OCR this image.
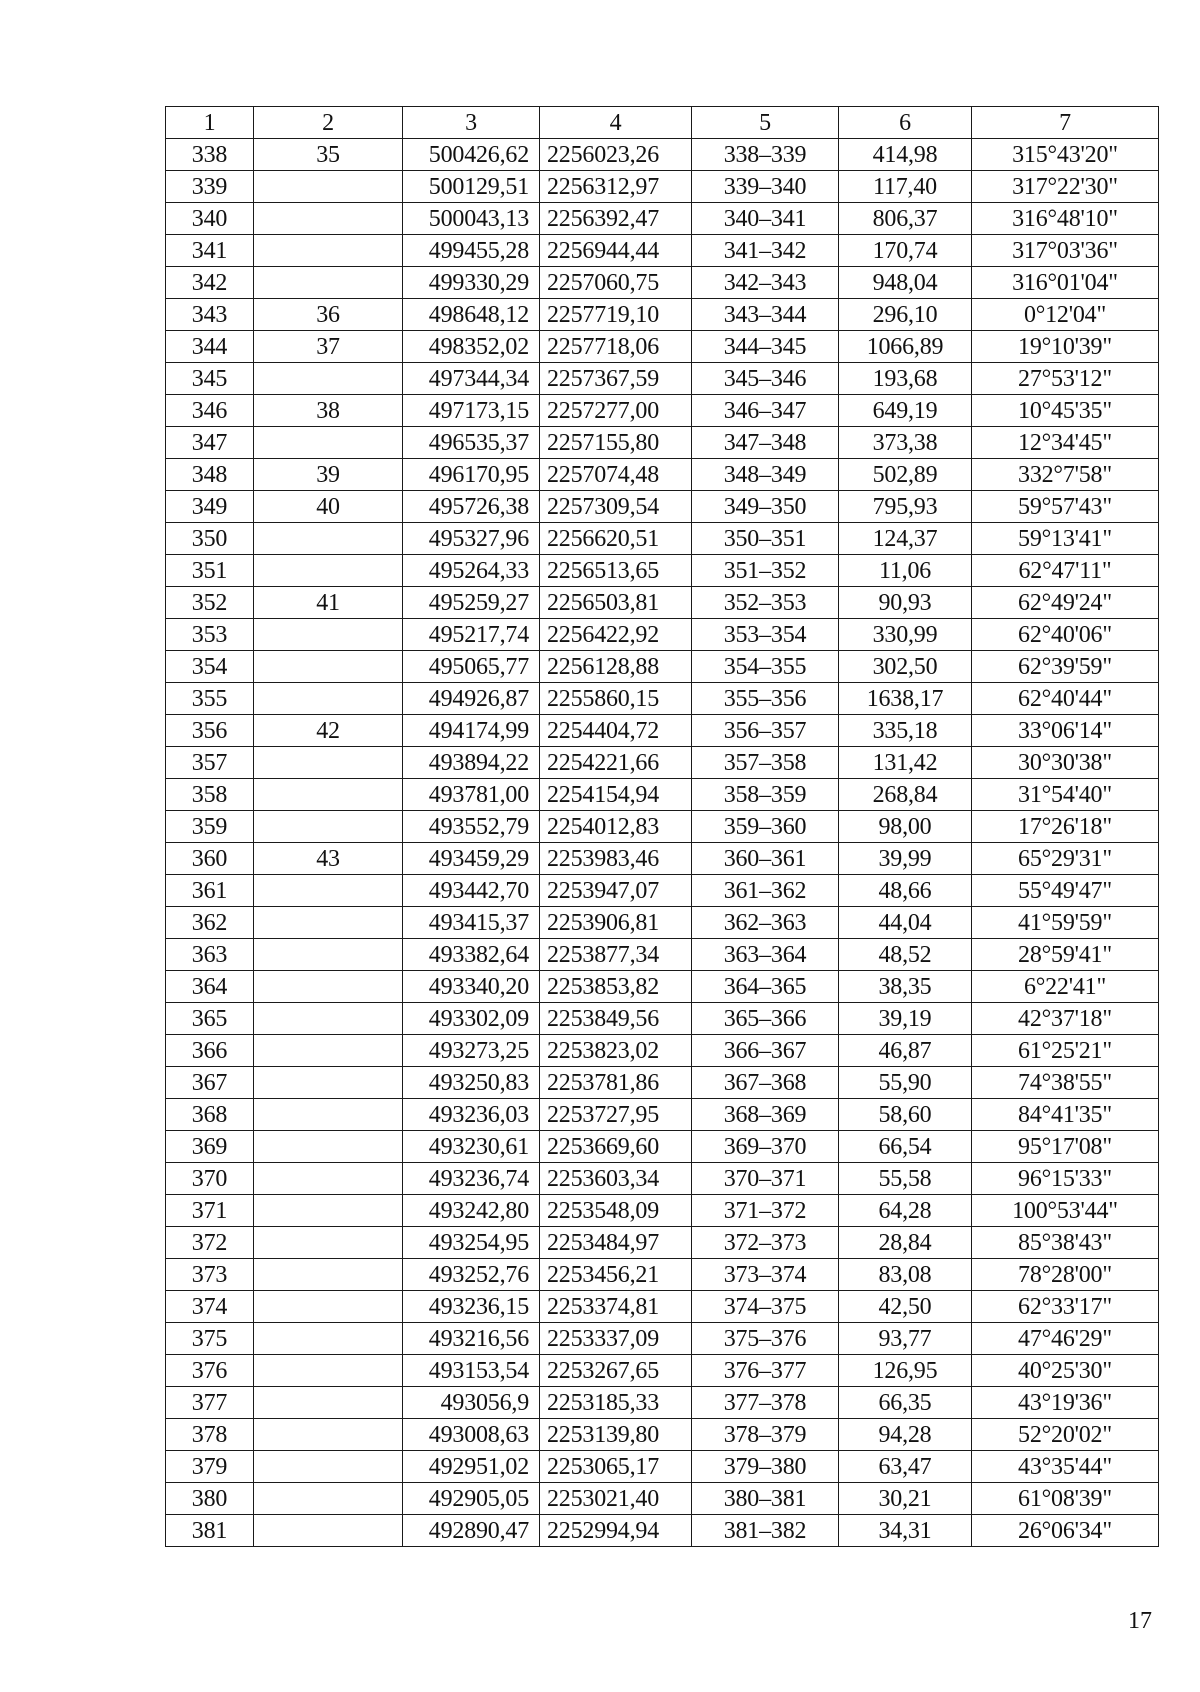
1	2	3	4	5	6	7
338	35	500426,62	2256023,26	338–339	414,98	315°43'20"
339		500129,51	2256312,97	339–340	117,40	317°22'30"
340		500043,13	2256392,47	340–341	806,37	316°48'10"
341		499455,28	2256944,44	341–342	170,74	317°03'36"
342		499330,29	2257060,75	342–343	948,04	316°01'04"
343	36	498648,12	2257719,10	343–344	296,10	0°12'04"
344	37	498352,02	2257718,06	344–345	1066,89	19°10'39"
345		497344,34	2257367,59	345–346	193,68	27°53'12"
346	38	497173,15	2257277,00	346–347	649,19	10°45'35"
347		496535,37	2257155,80	347–348	373,38	12°34'45"
348	39	496170,95	2257074,48	348–349	502,89	332°7'58"
349	40	495726,38	2257309,54	349–350	795,93	59°57'43"
350		495327,96	2256620,51	350–351	124,37	59°13'41"
351		495264,33	2256513,65	351–352	11,06	62°47'11"
352	41	495259,27	2256503,81	352–353	90,93	62°49'24"
353		495217,74	2256422,92	353–354	330,99	62°40'06"
354		495065,77	2256128,88	354–355	302,50	62°39'59"
355		494926,87	2255860,15	355–356	1638,17	62°40'44"
356	42	494174,99	2254404,72	356–357	335,18	33°06'14"
357		493894,22	2254221,66	357–358	131,42	30°30'38"
358		493781,00	2254154,94	358–359	268,84	31°54'40"
359		493552,79	2254012,83	359–360	98,00	17°26'18"
360	43	493459,29	2253983,46	360–361	39,99	65°29'31"
361		493442,70	2253947,07	361–362	48,66	55°49'47"
362		493415,37	2253906,81	362–363	44,04	41°59'59"
363		493382,64	2253877,34	363–364	48,52	28°59'41"
364		493340,20	2253853,82	364–365	38,35	6°22'41"
365		493302,09	2253849,56	365–366	39,19	42°37'18"
366		493273,25	2253823,02	366–367	46,87	61°25'21"
367		493250,83	2253781,86	367–368	55,90	74°38'55"
368		493236,03	2253727,95	368–369	58,60	84°41'35"
369		493230,61	2253669,60	369–370	66,54	95°17'08"
370		493236,74	2253603,34	370–371	55,58	96°15'33"
371		493242,80	2253548,09	371–372	64,28	100°53'44"
372		493254,95	2253484,97	372–373	28,84	85°38'43"
373		493252,76	2253456,21	373–374	83,08	78°28'00"
374		493236,15	2253374,81	374–375	42,50	62°33'17"
375		493216,56	2253337,09	375–376	93,77	47°46'29"
376		493153,54	2253267,65	376–377	126,95	40°25'30"
377		493056,9	2253185,33	377–378	66,35	43°19'36"
378		493008,63	2253139,80	378–379	94,28	52°20'02"
379		492951,02	2253065,17	379–380	63,47	43°35'44"
380		492905,05	2253021,40	380–381	30,21	61°08'39"
381		492890,47	2252994,94	381–382	34,31	26°06'34"
17
